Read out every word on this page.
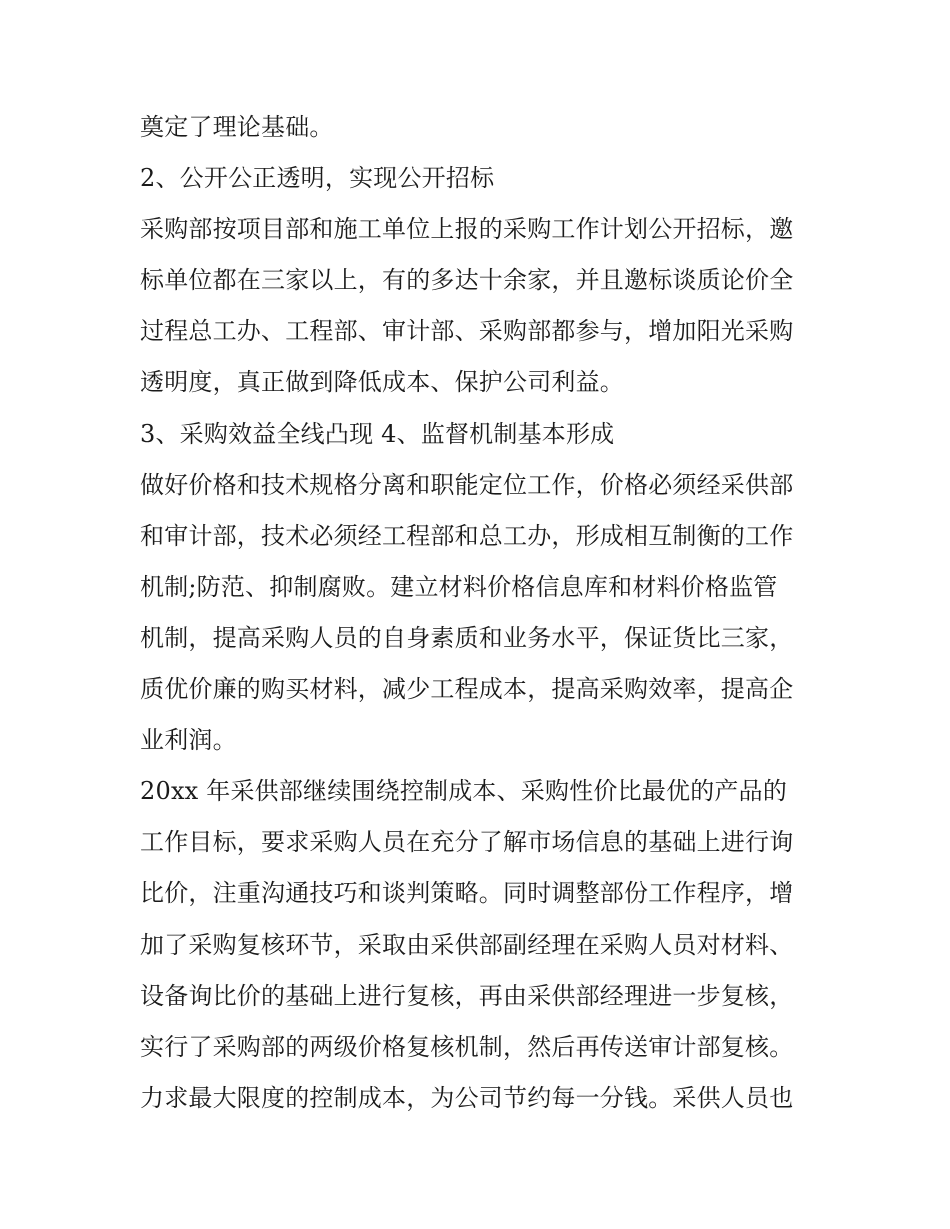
奠定了理论基础。
2、公开公正透明，实现公开招标
采购部按项目部和施工单位上报的采购工作计划公开招标，邀
标单位都在三家以上，有的多达十余家，并且邀标谈质论价全
过程总工办、工程部、审计部、采购部都参与，增加阳光采购
透明度，真正做到降低成本、保护公司利益。
3、采购效益全线凸现 4、监督机制基本形成
做好价格和技术规格分离和职能定位工作，价格必须经采供部
和审计部，技术必须经工程部和总工办，形成相互制衡的工作
机制;防范、抑制腐败。建立材料价格信息库和材料价格监管
机制，提高采购人员的自身素质和业务水平，保证货比三家，
质优价廉的购买材料，减少工程成本，提高采购效率，提高企
业利润。
20xx 年采供部继续围绕控制成本、采购性价比最优的产品的
工作目标，要求采购人员在充分了解市场信息的基础上进行询
比价，注重沟通技巧和谈判策略。同时调整部份工作程序，增
加了采购复核环节，采取由采供部副经理在采购人员对材料、
设备询比价的基础上进行复核，再由采供部经理进一步复核，
实行了采购部的两级价格复核机制，然后再传送审计部复核。
力求最大限度的控制成本，为公司节约每一分钱。采供人员也
